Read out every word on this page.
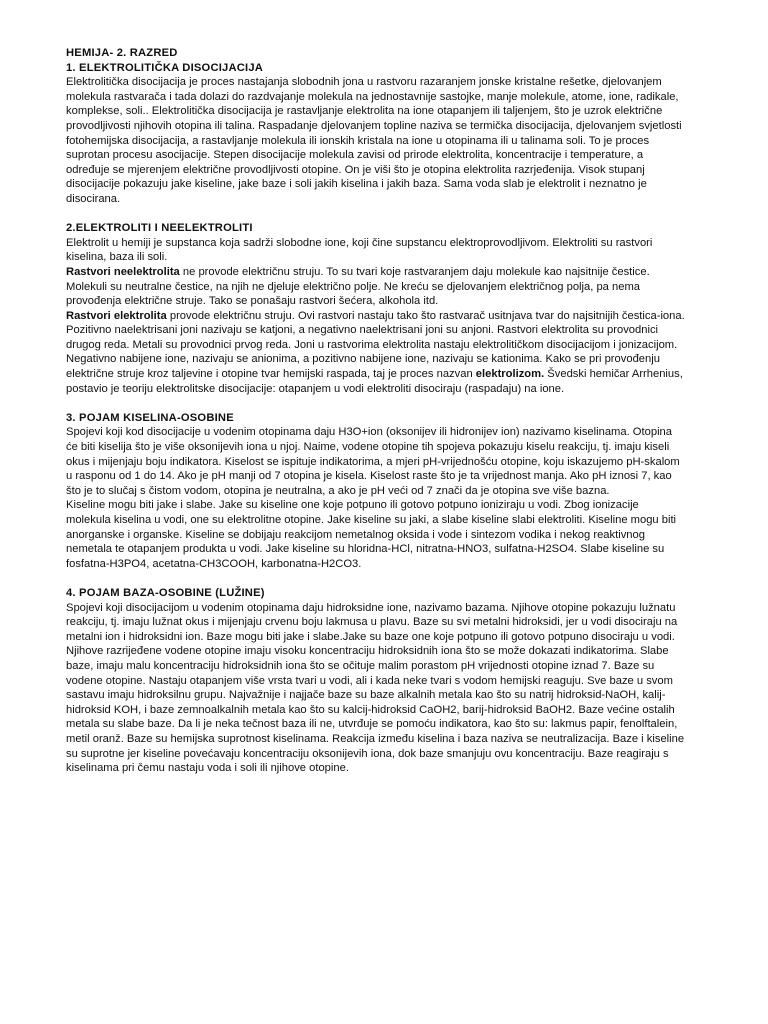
HEMIJA- 2. RAZRED

1. ELEKTROLITIČKA DISOCIJACIJA

Elektrolitička disocijacija je proces nastajanja slobodnih jona u rastvoru razaranjem jonske kristalne rešetke, djelovanjem molekula rastvarača i tada dolazi do razdvajanje molekula na jednostavnije sastojke, manje molekule, atome, ione, radikale, komplekse, soli.. Elektrolitička disocijacija je rastavljanje elektrolita na ione otapanjem ili taljenjem, što je uzrok električne provodljivosti njihovih otopina ili talina. Raspadanje djelovanjem topline naziva se termička disocijacija, djelovanjem svjetlosti fotohemijska disocijacija, a rastavljanje molekula ili ionskih kristala na ione u otopinama ili u talinama soli. To je proces suprotan procesu asocijacije. Stepen disocijacije molekula zavisi od prirode elektrolita, koncentracije i temperature, a određuje se mjerenjem električne provodljivosti otopine. On je viši što je otopina elektrolita razrjeđenija. Visok stupanj disocijacije pokazuju jake kiseline, jake baze i soli jakih kiselina i jakih baza. Sama voda slab je elektrolit i neznatno je disocirana.

2.ELEKTROLITI I NEELEKTROLITI

Elektrolit u hemiji je supstanca koja sadrži slobodne ione, koji čine supstancu elektroprovodljivom. Elektroliti su rastvori kiselina, baza ili soli.

Rastvori neelektrolita ne provode električnu struju. To su tvari koje rastvaranjem daju molekule kao najsitnije čestice. Molekuli su neutralne čestice, na njih ne djeluje električno polje. Ne kreću se djelovanjem električnog polja, pa nema provođenja električne struje. Tako se ponašaju rastvori šećera, alkohola itd.

Rastvori elektrolita provode električnu struju. Ovi rastvori nastaju tako što rastvarač usitnjava tvar do najsitnijih čestica-iona. Pozitivno naelektrisani joni nazivaju se katjoni, a negativno naelektrisani joni su anjoni. Rastvori elektrolita su provodnici drugog reda. Metali su provodnici prvog reda. Joni u rastvorima elektrolita nastaju elektrolitičkom disocijacijom i jonizacijom.

Negativno nabijene ione, nazivaju se anionima, a pozitivno nabijene ione, nazivaju se kationima. Kako se pri provođenju električne struje kroz taljevine i otopine tvar hemijski raspada, taj je proces nazvan elektrolizom. Švedski hemičar Arrhenius, postavio je teoriju elektrolitske disocijacije: otapanjem u vodi elektroliti disociraju (raspadaju) na ione.

3. POJAM KISELINA-OSOBINE

Spojevi koji kod disocijacije u vodenim otopinama daju H3O+ion (oksonijev ili hidronijev ion) nazivamo kiselinama. Otopina će biti kiselija što je više oksonijevih iona u njoj. Naime, vodene otopine tih spojeva pokazuju kiselu reakciju, tj. imaju kiseli okus i mijenjaju boju indikatora. Kiselost se ispituje indikatorima, a mjeri pH-vrijednošću otopine, koju iskazujemo pH-skalom u rasponu od 1 do 14. Ako je pH manji od 7 otopina je kisela. Kiselost raste što je ta vrijednost manja. Ako pH iznosi 7, kao što je to slučaj s čistom vodom, otopina je neutralna, a ako je pH veći od 7 znači da je otopina sve više bazna.

Kiseline mogu biti jake i slabe. Jake su kiseline one koje potpuno ili gotovo potpuno ioniziraju u vodi. Zbog ionizacije molekula kiselina u vodi, one su elektrolitne otopine. Jake kiseline su jaki, a slabe kiseline slabi elektroliti. Kiseline mogu biti anorganske i organske. Kiseline se dobijaju reakcijom nemetalnog oksida i vode i sintezom vodika i nekog reaktivnog nemetala te otapanjem produkta u vodi. Jake kiseline su hloridna-HCl, nitratna-HNO3, sulfatna-H2SO4. Slabe kiseline su fosfatna-H3PO4, acetatna-CH3COOH, karbonatna-H2CO3.

4. POJAM BAZA-OSOBINE (LUŽINE)

Spojevi koji disocijacijom u vodenim otopinama daju hidroksidne ione, nazivamo bazama. Njihove otopine pokazuju lužnatu reakciju, tj. imaju lužnat okus i mijenjaju crvenu boju lakmusa u plavu. Baze su svi metalni hidroksidi, jer u vodi disociraju na metalni ion i hidroksidni ion. Baze mogu biti jake i slabe.Jake su baze one koje potpuno ili gotovo potpuno disociraju u vodi. Njihove razrijeđene vodene otopine imaju visoku koncentraciju hidroksidnih iona što se može dokazati indikatorima. Slabe baze, imaju malu koncentraciju hidroksidnih iona što se očituje malim porastom pH vrijednosti otopine iznad 7. Baze su vodene otopine. Nastaju otapanjem više vrsta tvari u vodi, ali i kada neke tvari s vodom hemijski reaguju. Sve baze u svom sastavu imaju hidroksilnu grupu. Najvažnije i najjače baze su baze alkalnih metala kao što su natrij hidroksid-NaOH, kalij-hidroksid KOH, i baze zemnoalkalnih metala kao što su kalcij-hidroksid CaOH2, barij-hidroksid BaOH2. Baze većine ostalih metala su slabe baze. Da li je neka tečnost baza ili ne, utvrđuje se pomoću indikatora, kao što su: lakmus papir, fenolftalein, metil oranž. Baze su hemijska suprotnost kiselinama. Reakcija između kiselina i baza naziva se neutralizacija. Baze i kiseline su suprotne jer kiseline povećavaju koncentraciju oksonijevih iona, dok baze smanjuju ovu koncentraciju. Baze reagiraju s kiselinama pri čemu nastaju voda i soli ili njihove otopine.
